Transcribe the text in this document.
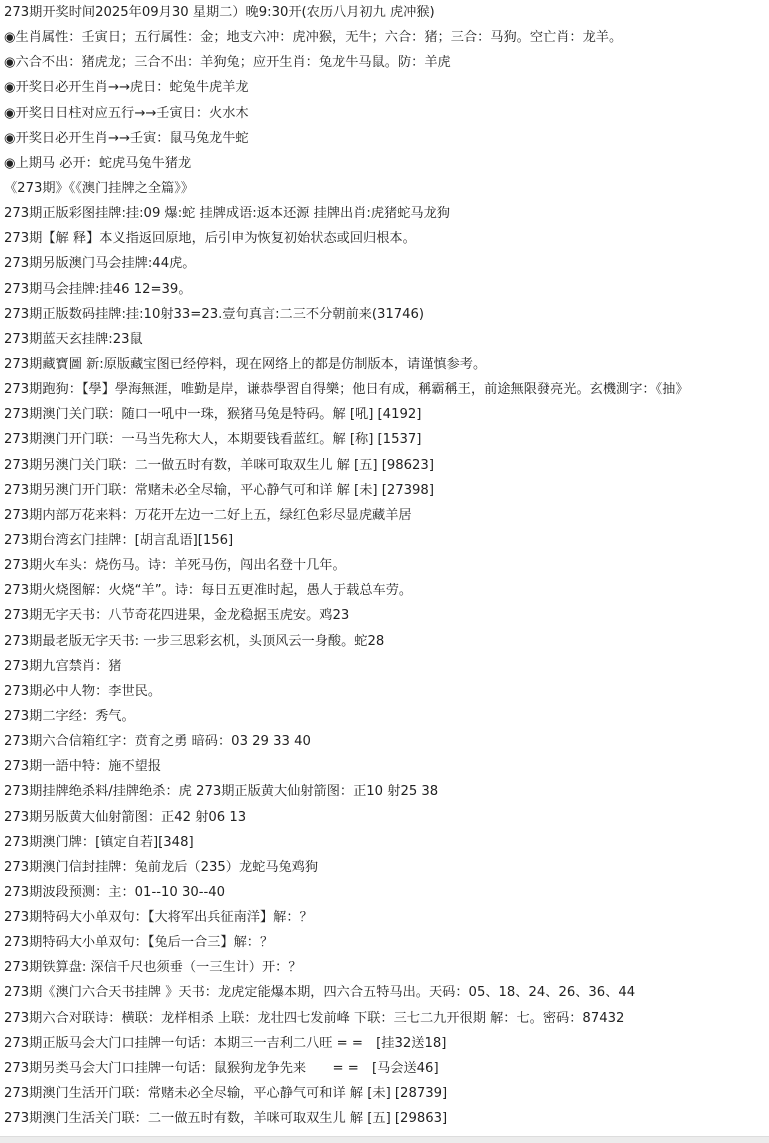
273期开奖时间2025年09月30 星期二）晚9:30开(农历八月初九 虎冲猴)
◉生肖属性：壬寅日；五行属性：金；地支六冲：虎冲猴，无牛；六合：猪；三合：马狗。空亡肖：龙羊。
◉六合不出：猪虎龙；三合不出：羊狗兔；应开生肖：兔龙牛马鼠。防：羊虎
◉开奖日必开生肖→→虎日：蛇兔牛虎羊龙
◉开奖日日柱对应五行→→壬寅日：火水木
◉开奖日必开生肖→→壬寅：鼠马兔龙牛蛇
◉上期马 必开：蛇虎马兔牛猪龙
《273期》《《澳门挂牌之全篇》》
273期正版彩图挂牌:挂:09 爆:蛇 挂牌成语:返本还源 挂牌出肖:虎猪蛇马龙狗
273期【解 释】本义指返回原地，后引申为恢复初始状态或回归根本。
273期另版澳门马会挂牌:44虎。
273期马会挂牌:挂46 12=39。
273期正版数码挂牌:挂:10射33=23.壹句真言:二三不分朝前来(31746)
273期蓝天玄挂牌:23鼠
273期藏寶圖 新:原版藏宝图已经停料，现在网络上的都是仿制版本，请谨慎参考。
273期跑狗：【學】學海無涯，唯勤是岸，谦恭學習自得樂；他日有成，稱霸稱王，前途無限發亮光。玄機測字：《抽》
273期澳门关门联：随口一吼中一珠，猴猪马兔是特码。解 [吼] [4192]
273期澳门开门联：一马当先称大人，本期要钱看蓝红。解 [称] [1537]
273期另澳门关门联：二一做五时有数，羊咪可取双生儿 解 [五] [98623]
273期另澳门开门联：常赌未必全尽输，平心静气可和详 解 [未] [27398]
273期内部万花来料：万花开左边一二好上五，绿红色彩尽显虎藏羊居
273期台湾玄门挂牌：[胡言乱语][156]
273期火车头：烧伤马。诗：羊死马伤，闯出名登十几年。
273期火烧图解：火烧“羊”。诗：每日五更准时起，愚人于载总车劳。
273期无字天书：八节奇花四进果，金龙稳据玉虎安。鸡23
273期最老版无字天书: 一步三思彩玄机，头顶风云一身酸。蛇28
273期九宫禁肖：猪
273期必中人物：李世民。
273期二字经：秀气。
273期六合信箱红字：贲育之勇 暗码：03 29 33 40
273期一語中特：施不望报
273期挂牌绝杀料/挂牌绝杀：虎 273期正版黄大仙射箭图：正10 射25 38
273期另版黄大仙射箭图：正42 射06 13
273期澳门牌：[镇定自若][348]
273期澳门信封挂牌：兔前龙后（235）龙蛇马兔鸡狗
273期波段预测：主：01--10 30--40
273期特码大小单双句：【大将军出兵征南洋】解：？
273期特码大小单双句：【兔后一合三】解：？
273期铁算盘: 深信千尺也须垂（一三生计）开：？
273期《澳门六合天书挂牌 》天书：龙虎定能爆本期，四六合五特马出。天码：05、18、24、26、36、44
273期六合对联诗：横联：龙样相杀 上联：龙壮四七发前峰 下联：三七二九开很期 解：七。密码：87432
273期正版马会大门口挂牌一句话：本期三一吉利二八旺 = =　[挂32送18]
273期另类马会大门口挂牌一句话：鼠猴狗龙争先来　　= =　[马会送46]
273期澳门生活开门联：常赌未必全尽输，平心静气可和详 解 [未] [28739]
273期澳门生活关门联：二一做五时有数，羊咪可取双生儿 解 [五] [29863]
